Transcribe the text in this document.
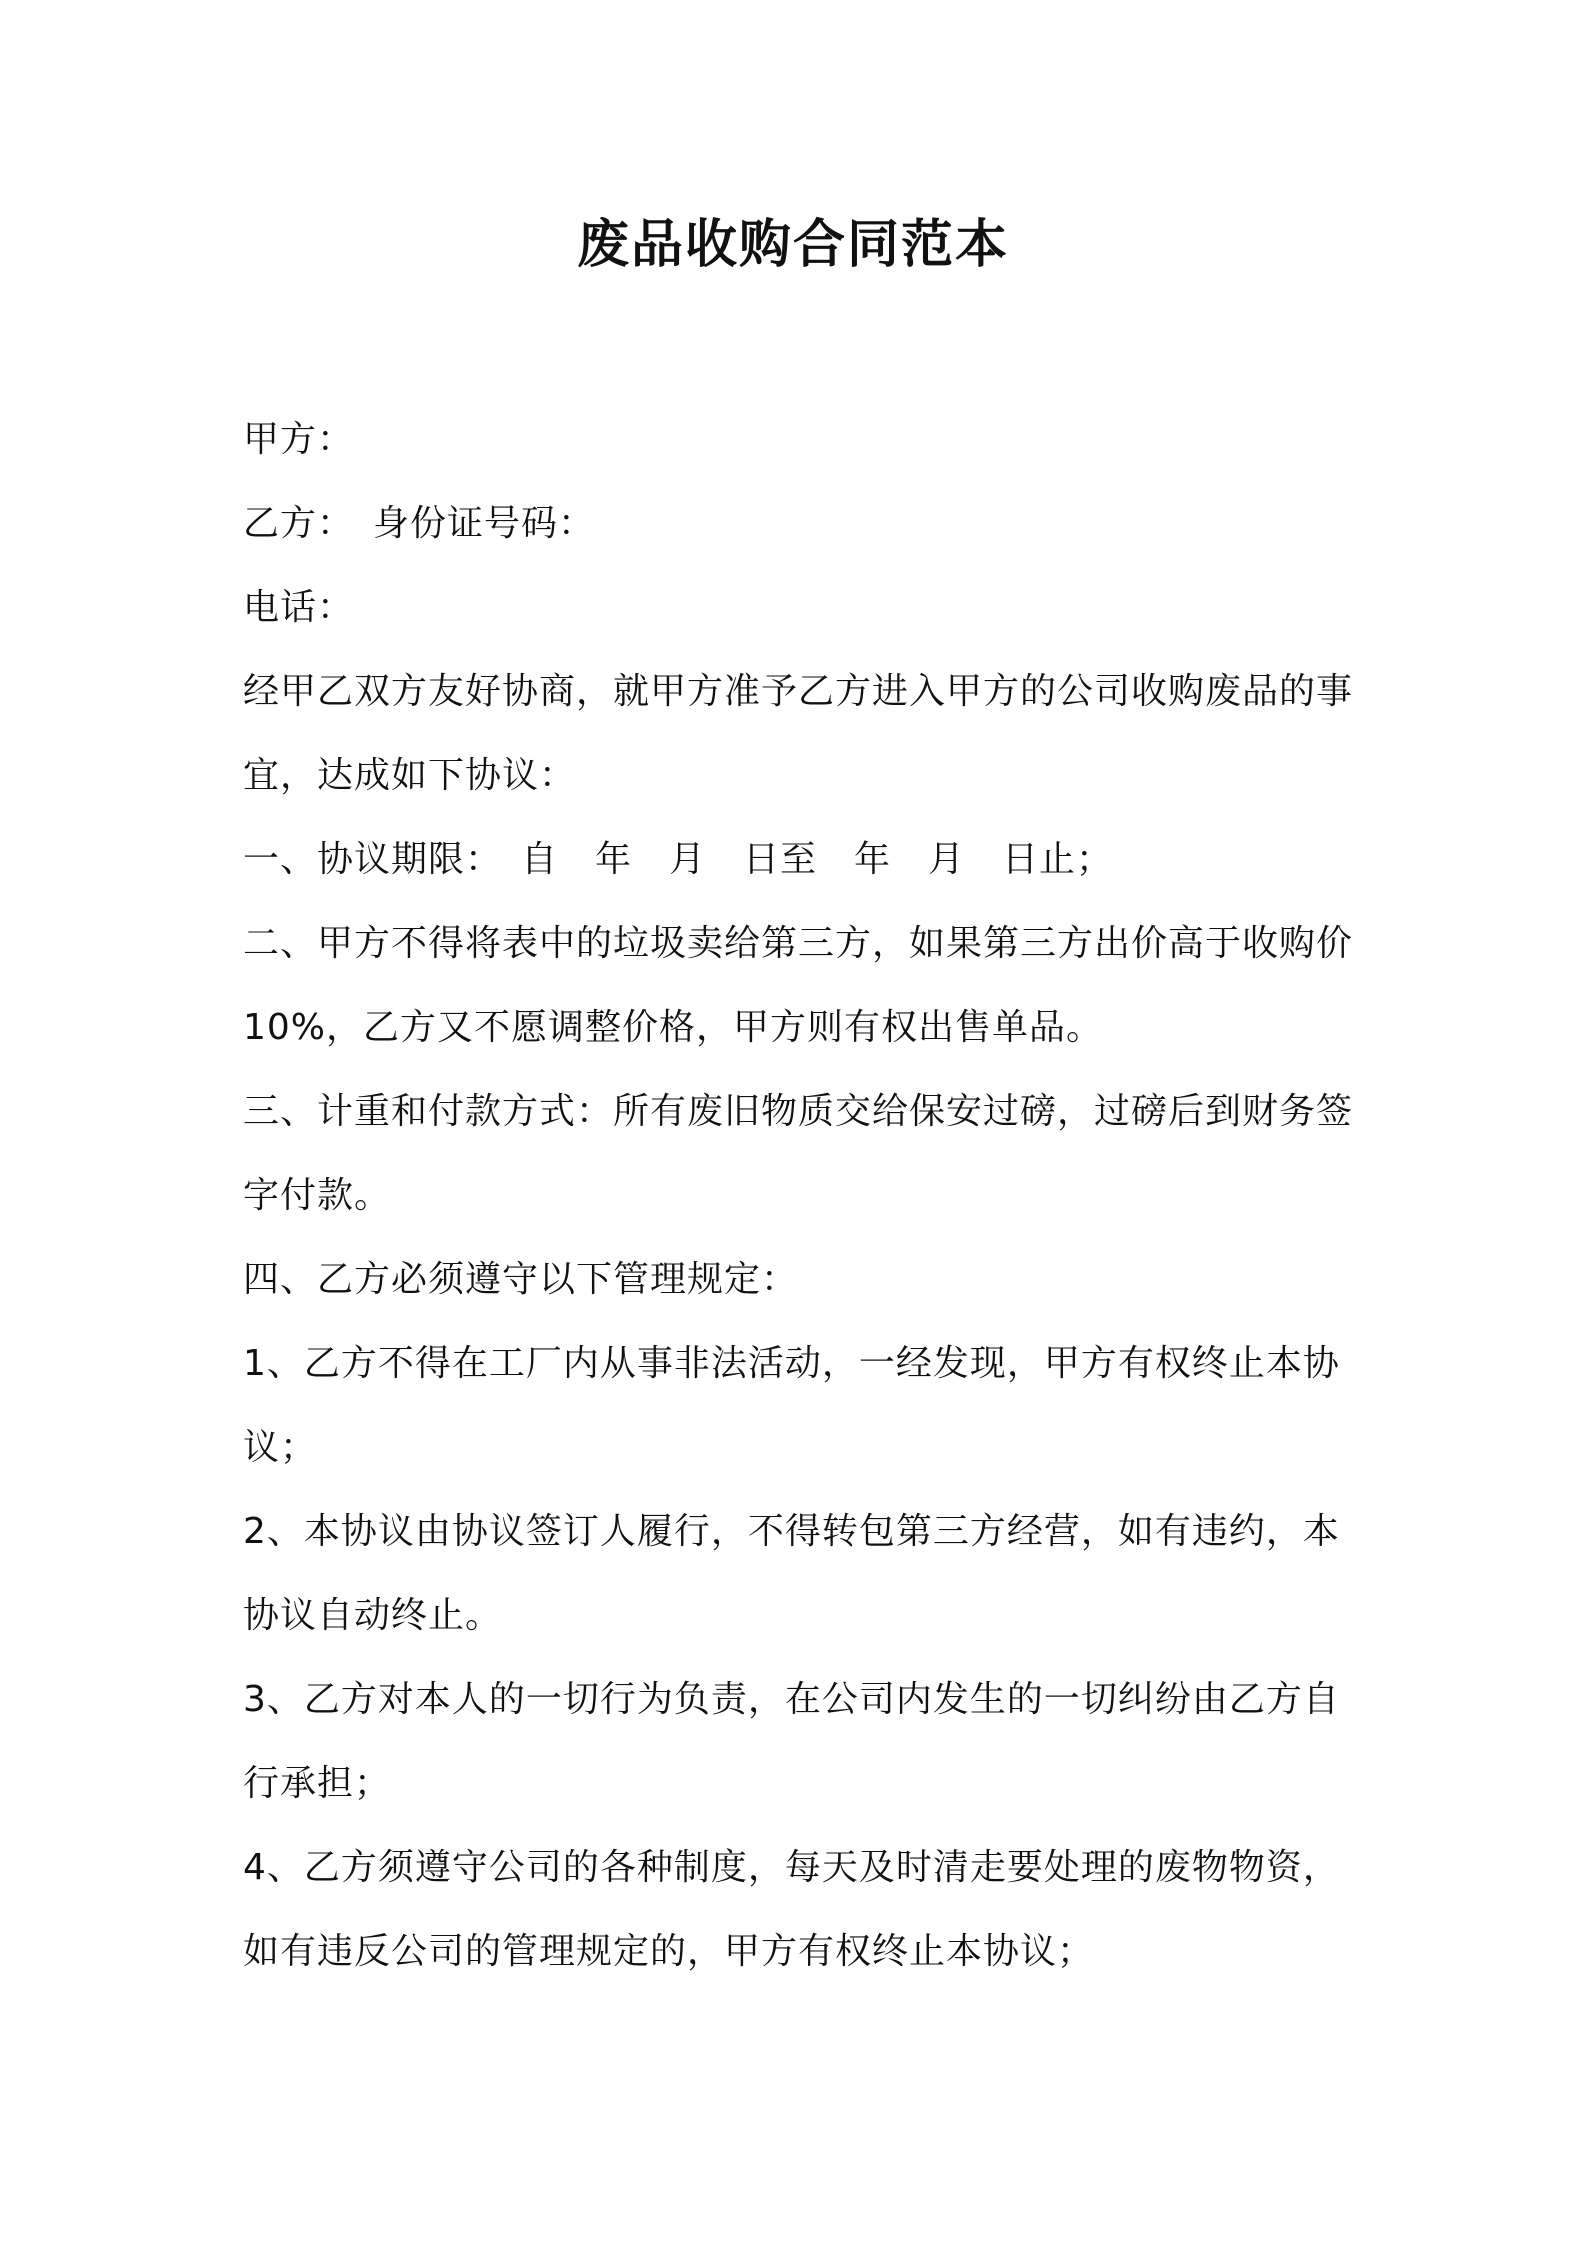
废品收购合同范本
甲方：
乙方：　身份证号码：
电话：
经甲乙双方友好协商，就甲方准予乙方进入甲方的公司收购废品的事
宜，达成如下协议：
一、协议期限：　自　年　月　日至　年　月　日止；
二、甲方不得将表中的垃圾卖给第三方，如果第三方出价高于收购价
10%，乙方又不愿调整价格，甲方则有权出售单品。
三、计重和付款方式：所有废旧物质交给保安过磅，过磅后到财务签
字付款。
四、乙方必须遵守以下管理规定：
1、乙方不得在工厂内从事非法活动，一经发现，甲方有权终止本协
议；
2、本协议由协议签订人履行，不得转包第三方经营，如有违约，本
协议自动终止。
3、乙方对本人的一切行为负责，在公司内发生的一切纠纷由乙方自
行承担；
4、乙方须遵守公司的各种制度，每天及时清走要处理的废物物资，
如有违反公司的管理规定的，甲方有权终止本协议；
